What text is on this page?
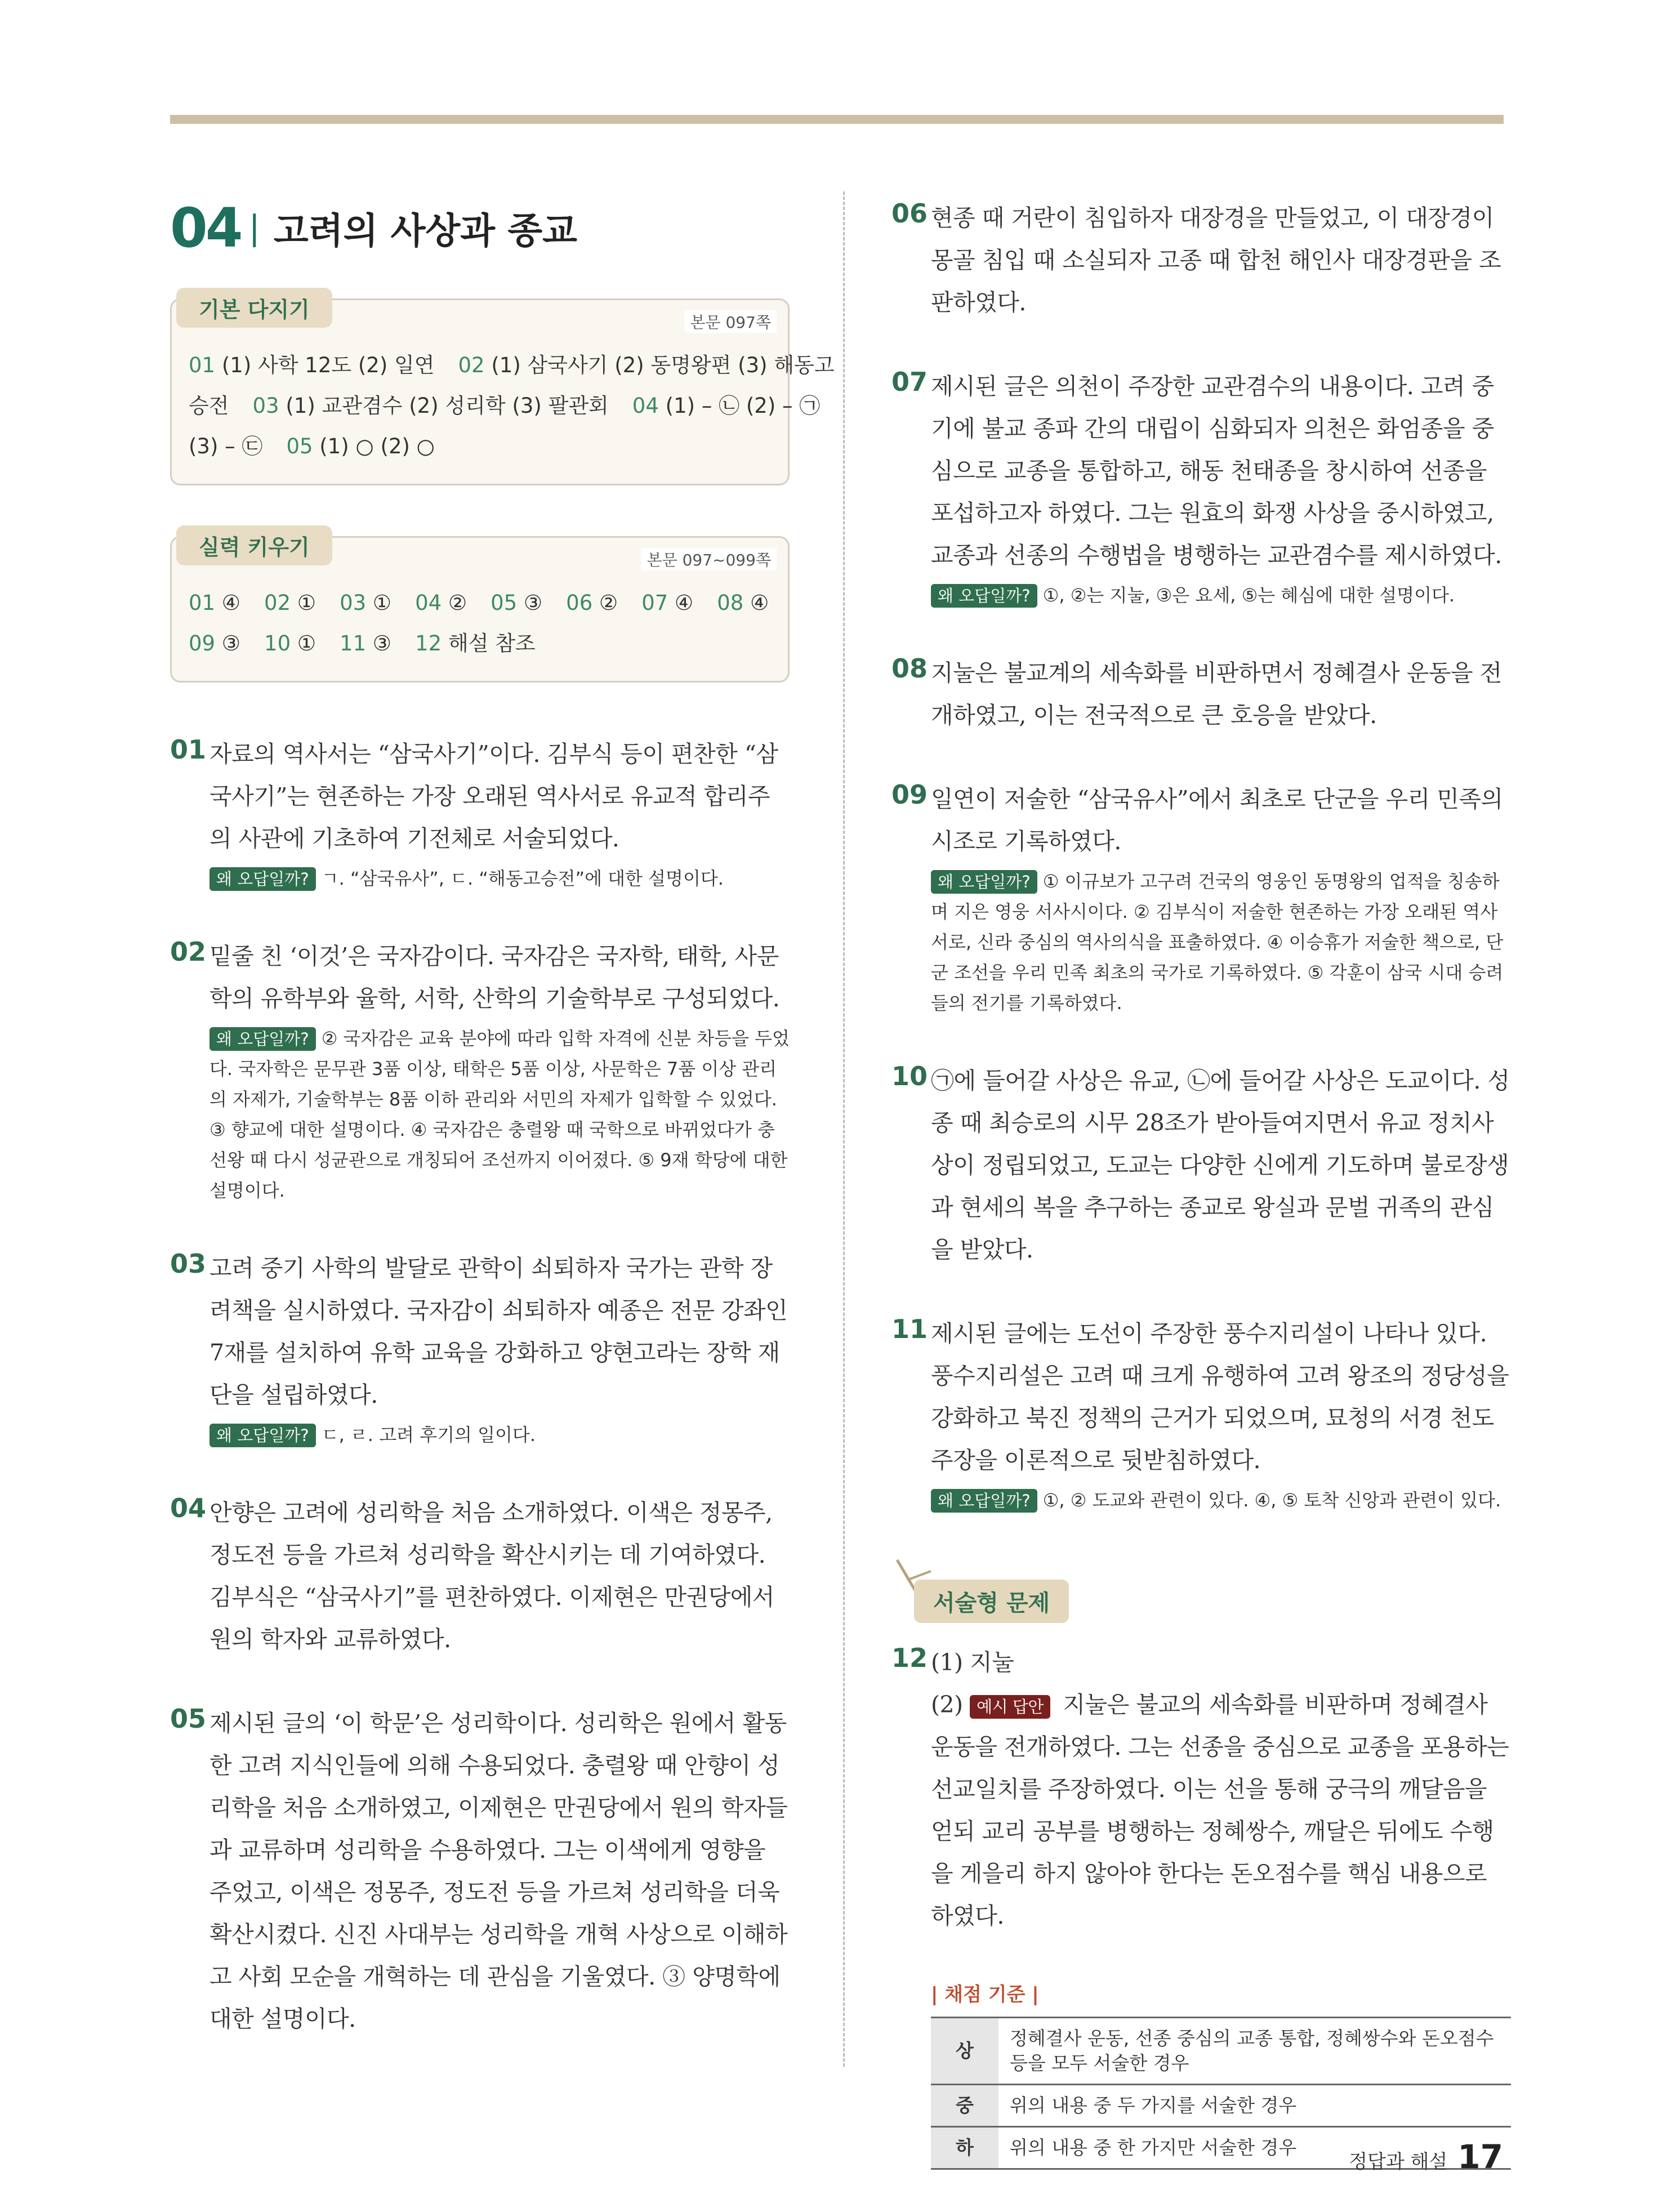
04 | 고려의 사상과 종교
기본 다지기
본문 097쪽
01 (1) 사학 12도 (2) 일연 02 (1) 삼국사기 (2) 동명왕편 (3) 해동고
승전 03 (1) 교관겸수 (2) 성리학 (3) 팔관회 04 (1) – ㉡ (2) – ㉠
(3) – ㉢ 05 (1) ○ (2) ○
실력 키우기
본문 097~099쪽
01 ④ 02 ① 03 ① 04 ② 05 ③ 06 ② 07 ④ 08 ④
09 ③ 10 ① 11 ③ 12 해설 참조
01 자료의 역사서는 “삼국사기”이다. 김부식 등이 편찬한 “삼국사기”는 현존하는 가장 오래된 역사서로 유교적 합리주의 사관에 기초하여 기전체로 서술되었다.
왜 오답일까? ㄱ. “삼국유사”, ㄷ. “해동고승전”에 대한 설명이다.
02 밑줄 친 ‘이것’은 국자감이다. 국자감은 국자학, 태학, 사문학의 유학부와 율학, 서학, 산학의 기술학부로 구성되었다.
왜 오답일까? ② 국자감은 교육 분야에 따라 입학 자격에 신분 차등을 두었다. 국자학은 문무관 3품 이상, 태학은 5품 이상, 사문학은 7품 이상 관리의 자제가, 기술학부는 8품 이하 관리와 서민의 자제가 입학할 수 있었다. ③ 향교에 대한 설명이다. ④ 국자감은 충렬왕 때 국학으로 바뀌었다가 충선왕 때 다시 성균관으로 개칭되어 조선까지 이어졌다. ⑤ 9재 학당에 대한 설명이다.
03 고려 중기 사학의 발달로 관학이 쇠퇴하자 국가는 관학 장려책을 실시하였다. 국자감이 쇠퇴하자 예종은 전문 강좌인 7재를 설치하여 유학 교육을 강화하고 양현고라는 장학 재단을 설립하였다.
왜 오답일까? ㄷ, ㄹ. 고려 후기의 일이다.
04 안향은 고려에 성리학을 처음 소개하였다. 이색은 정몽주, 정도전 등을 가르쳐 성리학을 확산시키는 데 기여하였다. 김부식은 “삼국사기”를 편찬하였다. 이제현은 만권당에서 원의 학자와 교류하였다.
05 제시된 글의 ‘이 학문’은 성리학이다. 성리학은 원에서 활동한 고려 지식인들에 의해 수용되었다. 충렬왕 때 안향이 성리학을 처음 소개하였고, 이제현은 만권당에서 원의 학자들과 교류하며 성리학을 수용하였다. 그는 이색에게 영향을 주었고, 이색은 정몽주, 정도전 등을 가르쳐 성리학을 더욱 확산시켰다. 신진 사대부는 성리학을 개혁 사상으로 이해하고 사회 모순을 개혁하는 데 관심을 기울였다. ③ 양명학에 대한 설명이다.
06 현종 때 거란이 침입하자 대장경을 만들었고, 이 대장경이 몽골 침입 때 소실되자 고종 때 합천 해인사 대장경판을 조판하였다.
07 제시된 글은 의천이 주장한 교관겸수의 내용이다. 고려 중기에 불교 종파 간의 대립이 심화되자 의천은 화엄종을 중심으로 교종을 통합하고, 해동 천태종을 창시하여 선종을 포섭하고자 하였다. 그는 원효의 화쟁 사상을 중시하였고, 교종과 선종의 수행법을 병행하는 교관겸수를 제시하였다.
왜 오답일까? ①, ②는 지눌, ③은 요세, ⑤는 혜심에 대한 설명이다.
08 지눌은 불교계의 세속화를 비판하면서 정혜결사 운동을 전개하였고, 이는 전국적으로 큰 호응을 받았다.
09 일연이 저술한 “삼국유사”에서 최초로 단군을 우리 민족의 시조로 기록하였다.
왜 오답일까? ① 이규보가 고구려 건국의 영웅인 동명왕의 업적을 칭송하며 지은 영웅 서사시이다. ② 김부식이 저술한 현존하는 가장 오래된 역사서로, 신라 중심의 역사의식을 표출하였다. ④ 이승휴가 저술한 책으로, 단군 조선을 우리 민족 최초의 국가로 기록하였다. ⑤ 각훈이 삼국 시대 승려들의 전기를 기록하였다.
10 ㉠에 들어갈 사상은 유교, ㉡에 들어갈 사상은 도교이다. 성종 때 최승로의 시무 28조가 받아들여지면서 유교 정치사상이 정립되었고, 도교는 다양한 신에게 기도하며 불로장생과 현세의 복을 추구하는 종교로 왕실과 문벌 귀족의 관심을 받았다.
11 제시된 글에는 도선이 주장한 풍수지리설이 나타나 있다. 풍수지리설은 고려 때 크게 유행하여 고려 왕조의 정당성을 강화하고 북진 정책의 근거가 되었으며, 묘청의 서경 천도 주장을 이론적으로 뒷받침하였다.
왜 오답일까? ①, ② 도교와 관련이 있다. ④, ⑤ 토착 신앙과 관련이 있다.
서술형 문제
12 (1) 지눌
(2) 예시 답안 지눌은 불교의 세속화를 비판하며 정혜결사 운동을 전개하였다. 그는 선종을 중심으로 교종을 포용하는 선교일치를 주장하였다. 이는 선을 통해 궁극의 깨달음을 얻되 교리 공부를 병행하는 정혜쌍수, 깨달은 뒤에도 수행을 게을리 하지 않아야 한다는 돈오점수를 핵심 내용으로 하였다.
| 채점 기준 |
상	정혜결사 운동, 선종 중심의 교종 통합, 정혜쌍수와 돈오점수 등을 모두 서술한 경우
중	위의 내용 중 두 가지를 서술한 경우
하	위의 내용 중 한 가지만 서술한 경우
정답과 해설 17
